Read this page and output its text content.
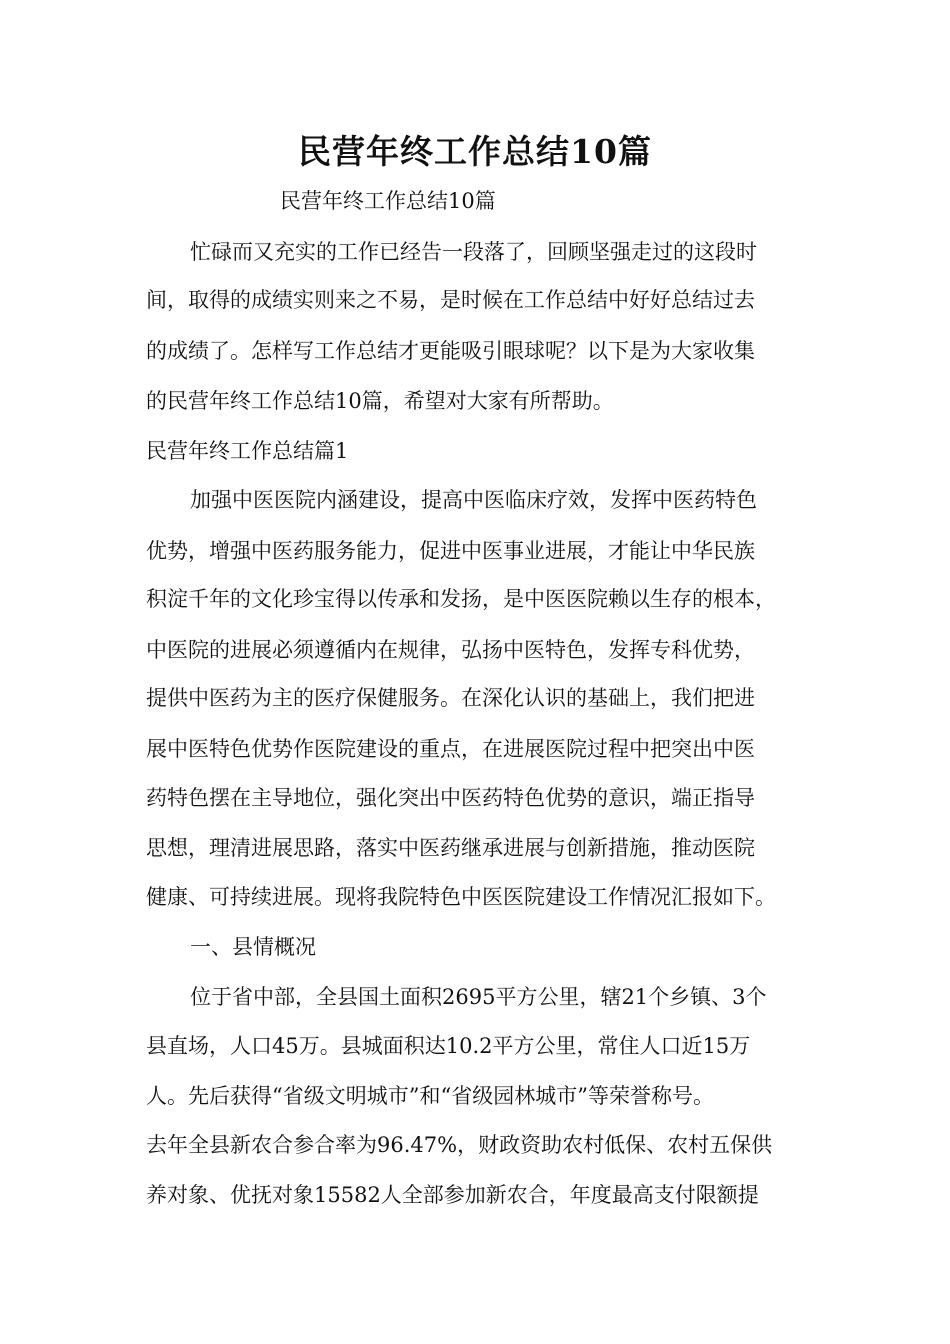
民营年终工作总结10篇
民营年终工作总结10篇
忙碌而又充实的工作已经告一段落了，回顾坚强走过的这段时
间，取得的成绩实则来之不易，是时候在工作总结中好好总结过去
的成绩了。怎样写工作总结才更能吸引眼球呢？以下是为大家收集
的民营年终工作总结10篇，希望对大家有所帮助。
民营年终工作总结篇1
加强中医医院内涵建设，提高中医临床疗效，发挥中医药特色
优势，增强中医药服务能力，促进中医事业进展，才能让中华民族
积淀千年的文化珍宝得以传承和发扬，是中医医院赖以生存的根本，
中医院的进展必须遵循内在规律，弘扬中医特色，发挥专科优势，
提供中医药为主的医疗保健服务。在深化认识的基础上，我们把进
展中医特色优势作医院建设的重点，在进展医院过程中把突出中医
药特色摆在主导地位，强化突出中医药特色优势的意识，端正指导
思想，理清进展思路，落实中医药继承进展与创新措施，推动医院
健康、可持续进展。现将我院特色中医医院建设工作情况汇报如下。
一、县情概况
位于省中部，全县国土面积2695平方公里，辖21个乡镇、3个
县直场，人口45万。县城面积达10.2平方公里，常住人口近15万
人。先后获得“省级文明城市”和“省级园林城市”等荣誉称号。
去年全县新农合参合率为96.47%，财政资助农村低保、农村五保供
养对象、优抚对象15582人全部参加新农合，年度最高支付限额提
